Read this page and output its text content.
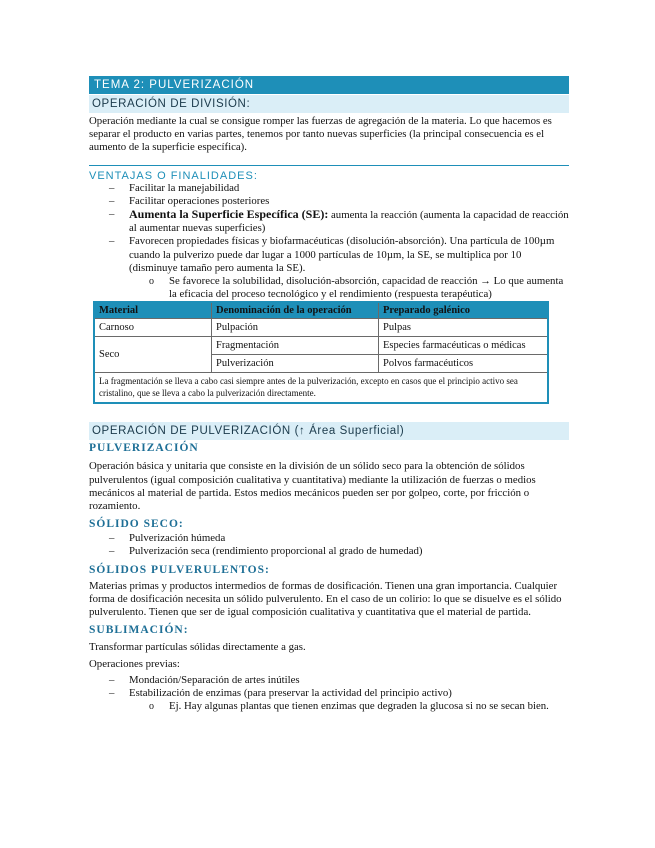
TEMA 2: PULVERIZACIÓN
OPERACIÓN DE DIVISIÓN:

Operación mediante la cual se consigue romper las fuerzas de agregación de la materia. Lo que hacemos es separar el producto en varias partes, tenemos por tanto nuevas superficies (la principal consecuencia es el aumento de la superficie específica).

VENTAJAS O FINALIDADES:
– Facilitar la manejabilidad
– Facilitar operaciones posteriores
– Aumenta la Superficie Específica (SE): aumenta la reacción (aumenta la capacidad de reacción al aumentar nuevas superficies)
– Favorecen propiedades físicas y biofarmacéuticas (disolución-absorción). Una partícula de 100µm cuando la pulverizo puede dar lugar a 1000 partículas de 10µm, la SE, se multiplica por 10 (disminuye tamaño pero aumenta la SE).
o Se favorece la solubilidad, disolución-absorción, capacidad de reacción → Lo que aumenta la eficacia del proceso tecnológico y el rendimiento (respuesta terapéutica)
Material	Denominación de la operación	Preparado galénico
Carnoso	Pulpación	Pulpas
Seco	Fragmentación	Especies farmacéuticas o médicas
	Pulverización	Polvos farmacéuticos
La fragmentación se lleva a cabo casi siempre antes de la pulverización, excepto en casos que el principio activo sea cristalino, que se lleva a cabo la pulverización directamente.		
OPERACIÓN DE PULVERIZACIÓN (↑ Área Superficial)
PULVERIZACIÓN

Operación básica y unitaria que consiste en la división de un sólido seco para la obtención de sólidos pulverulentos (igual composición cualitativa y cuantitativa) mediante la utilización de fuerzas o medios mecánicos al material de partida. Estos medios mecánicos pueden ser por golpeo, corte, por fricción o rozamiento.

SÓLIDO SECO:
– Pulverización húmeda
– Pulverización seca (rendimiento proporcional al grado de humedad)
SÓLIDOS PULVERULENTOS:

Materias primas y productos intermedios de formas de dosificación. Tienen una gran importancia. Cualquier forma de dosificación necesita un sólido pulverulento. En el caso de un colirio: lo que se disuelve es el sólido pulverulento. Tienen que ser de igual composición cualitativa y cuantitativa que el material de partida.

SUBLIMACIÓN:

Transformar partículas sólidas directamente a gas.

Operaciones previas:

– Mondación/Separación de artes inútiles
– Estabilización de enzimas (para preservar la actividad del principio activo)
o Ej. Hay algunas plantas que tienen enzimas que degraden la glucosa si no se secan bien.
